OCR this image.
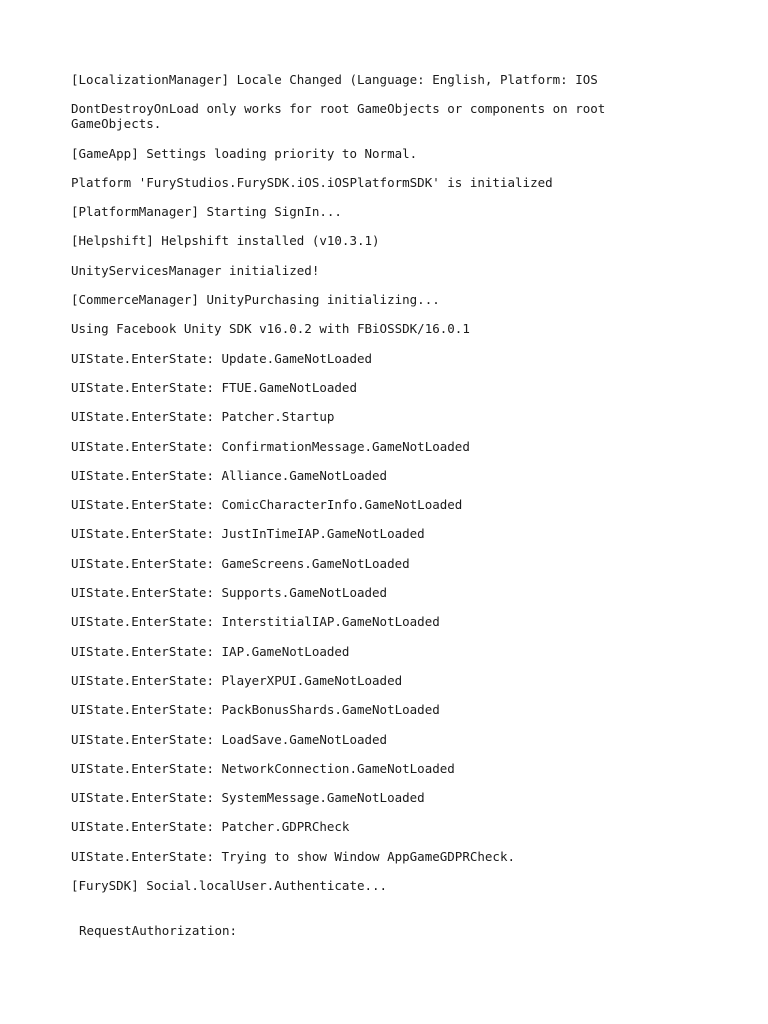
[LocalizationManager] Locale Changed (Language: English, Platform: IOS
DontDestroyOnLoad only works for root GameObjects or components on root
GameObjects.
[GameApp] Settings loading priority to Normal.
Platform 'FuryStudios.FurySDK.iOS.iOSPlatformSDK' is initialized
[PlatformManager] Starting SignIn...
[Helpshift] Helpshift installed (v10.3.1)
UnityServicesManager initialized!
[CommerceManager] UnityPurchasing initializing...
Using Facebook Unity SDK v16.0.2 with FBiOSSDK/16.0.1
UIState.EnterState: Update.GameNotLoaded
UIState.EnterState: FTUE.GameNotLoaded
UIState.EnterState: Patcher.Startup
UIState.EnterState: ConfirmationMessage.GameNotLoaded
UIState.EnterState: Alliance.GameNotLoaded
UIState.EnterState: ComicCharacterInfo.GameNotLoaded
UIState.EnterState: JustInTimeIAP.GameNotLoaded
UIState.EnterState: GameScreens.GameNotLoaded
UIState.EnterState: Supports.GameNotLoaded
UIState.EnterState: InterstitialIAP.GameNotLoaded
UIState.EnterState: IAP.GameNotLoaded
UIState.EnterState: PlayerXPUI.GameNotLoaded
UIState.EnterState: PackBonusShards.GameNotLoaded
UIState.EnterState: LoadSave.GameNotLoaded
UIState.EnterState: NetworkConnection.GameNotLoaded
UIState.EnterState: SystemMessage.GameNotLoaded
UIState.EnterState: Patcher.GDPRCheck
UIState.EnterState: Trying to show Window AppGameGDPRCheck.
[FurySDK] Social.localUser.Authenticate...
RequestAuthorization:
